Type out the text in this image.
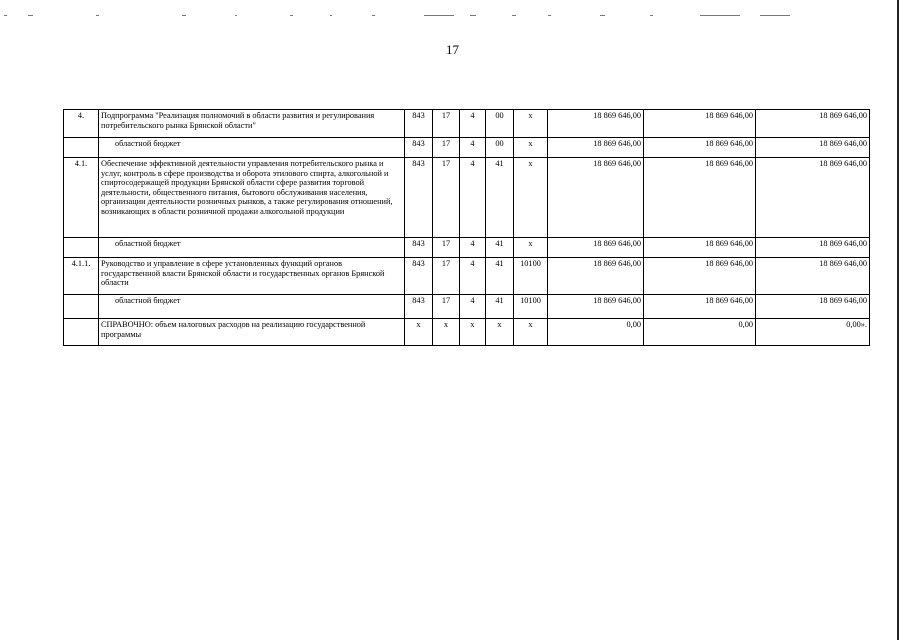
17
4.	Подпрограмма "Реализация полномочий в области развития и регулирования потребительского рынка Брянской области"	843	17	4	00	х	18 869 646,00	18 869 646,00	18 869 646,00
	областной бюджет	843	17	4	00	х	18 869 646,00	18 869 646,00	18 869 646,00
4.1.	Обеспечение эффективной деятельности управления потребительского рынка и услуг, контроль в сфере производства и оборота этилового спирта, алкогольной и спиртосодержащей продукции Брянской области сфере развития торговой деятельности, общественного питания, бытового обслуживания населения, организации деятельности розничных рынков, а также регулирования отношений, возникающих в области розничной продажи алкогольной продукции	843	17	4	41	х	18 869 646,00	18 869 646,00	18 869 646,00
	областной бюджет	843	17	4	41	х	18 869 646,00	18 869 646,00	18 869 646,00
4.1.1.	Руководство и управление в сфере установленных функций органов государственной власти Брянской области и государственных органов Брянской области	843	17	4	41	10100	18 869 646,00	18 869 646,00	18 869 646,00
	областной бюджет	843	17	4	41	10100	18 869 646,00	18 869 646,00	18 869 646,00
	СПРАВОЧНО: объем налоговых расходов на реализацию государственной программы	х	х	х	х	х	0,00	0,00	0,00».
